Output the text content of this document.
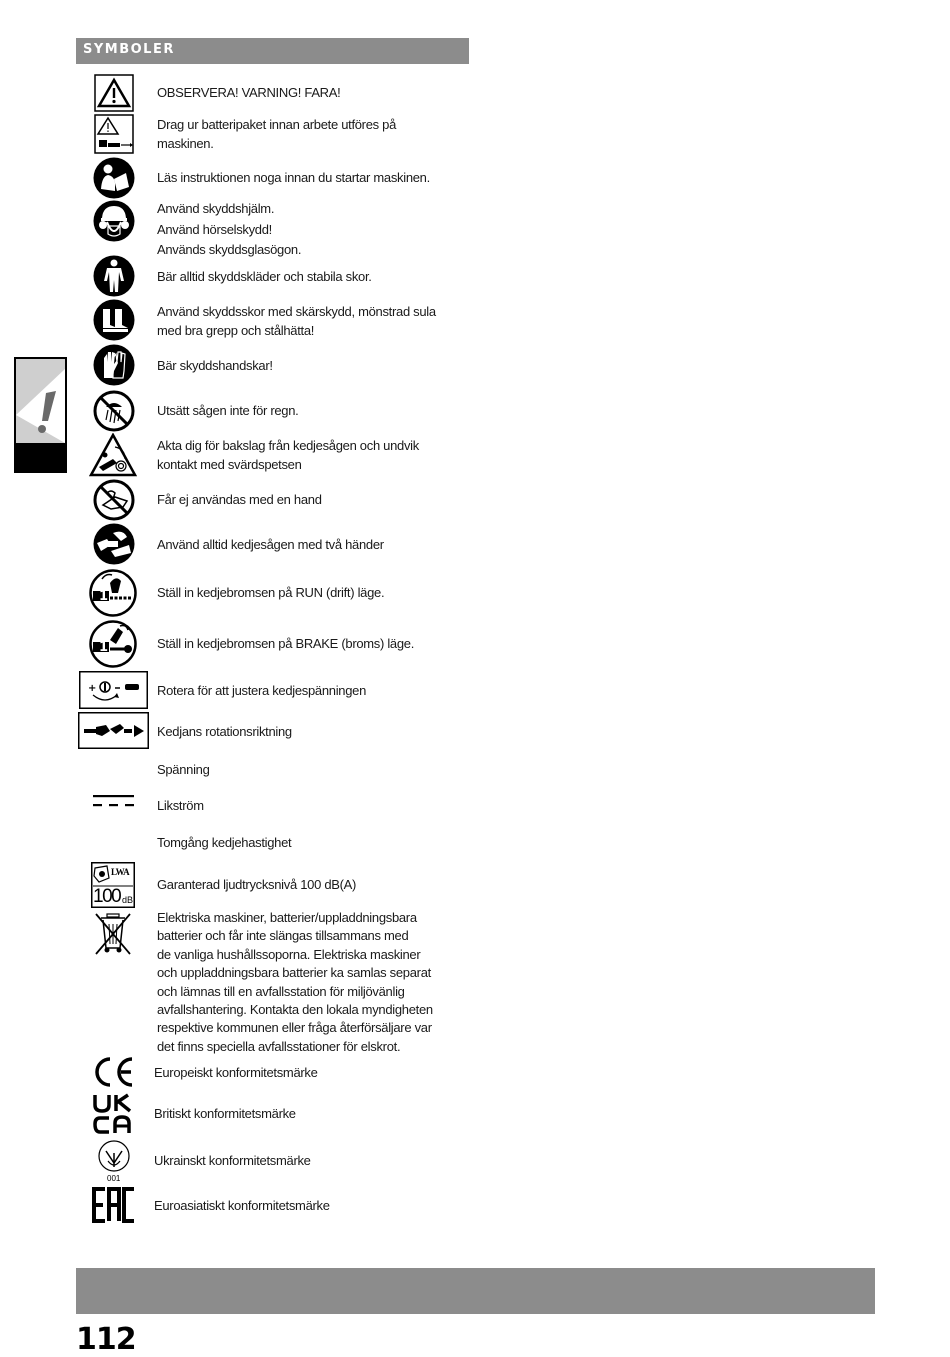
SYMBOLER
OBSERVERA! VARNING! FARA!
Drag ur batteripaket innan arbete utföres på
maskinen.
Läs instruktionen noga innan du startar maskinen.
Använd skyddshjälm.
Använd hörselskydd!
Används skyddsglasögon.
Bär alltid skyddskläder och stabila skor.
Använd skyddsskor med skärskydd, mönstrad sula
med bra grepp och stålhätta!
Bär skyddshandskar!
Utsätt sågen inte för regn.
Akta dig för bakslag från kedjesågen och undvik
kontakt med svärdspetsen
Får ej användas med en hand
Använd alltid kedjesågen med två händer
1	Ställ in kedjebromsen på RUN (drift) läge.
1	Ställ in kedjebromsen på BRAKE (broms) läge.
+	Rotera för att justera kedjespänningen
Kedjans rotationsriktning
Spänning
Likström
Tomgång kedjehastighet
LWA
100 dB
Garanterad ljudtrycksnivå 100 dB(A)
Elektriska maskiner, batterier/uppladdningsbara
batterier och får inte slängas tillsammans med
de vanliga hushållssoporna. Elektriska maskiner
och uppladdningsbara batterier ka samlas separat
och lämnas till en avfallsstation för miljövänlig
avfallshantering. Kontakta den lokala myndigheten
respektive kommunen eller fråga återförsäljare var
det finns speciella avfallsstationer för elskrot.
Europeiskt konformitetsmärke
Britiskt konformitetsmärke
001
Ukrainskt konformitetsmärke
Euroasiatiskt konformitetsmärke
112
